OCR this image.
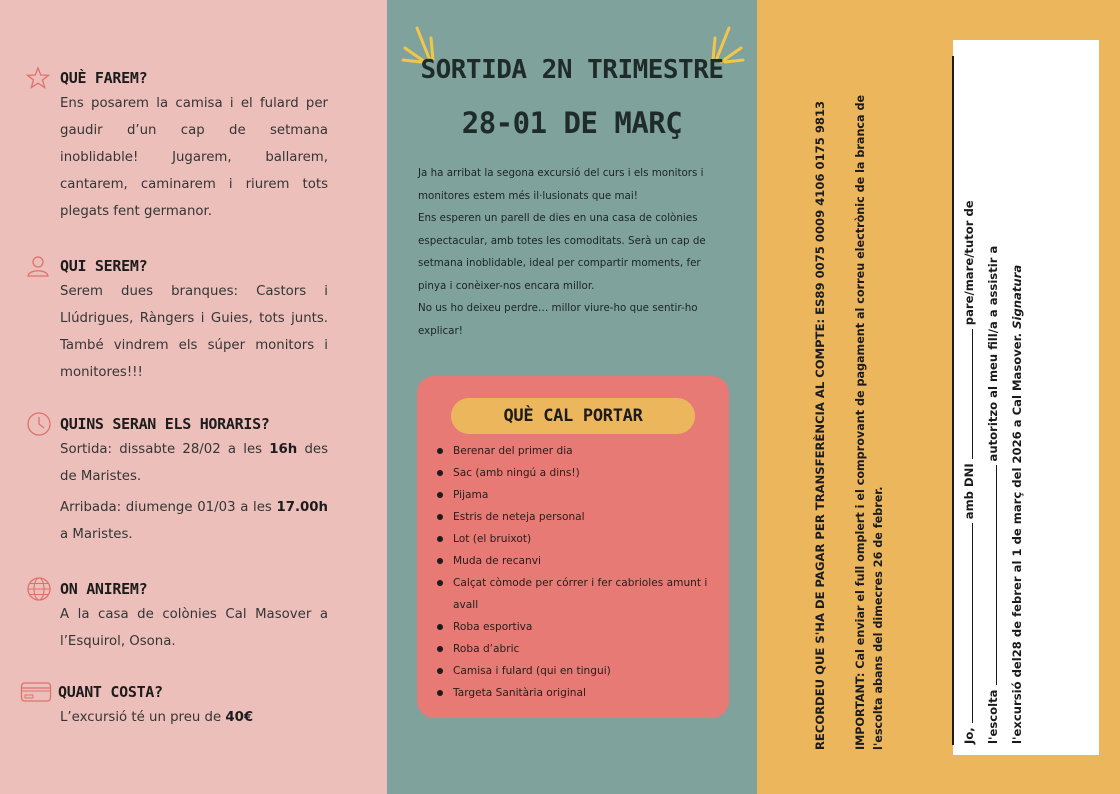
QUÈ FAREM?
Ens posarem la camisa i el fulard per gaudir d’un cap de setmana inoblidable! Jugarem, ballarem, cantarem, caminarem i riurem tots plegats fent germanor.
QUI SEREM?
Serem dues branques: Castors i Llúdrigues, Ràngers i Guies, tots junts. També vindrem els súper monitors i monitores!!!
QUINS SERAN ELS HORARIS?
Sortida: dissabte 28/02 a les 16h des de Maristes.
Arribada: diumenge 01/03 a les 17.00h a Maristes.
ON ANIREM?
A la casa de colònies Cal Masover a l’Esquirol, Osona.
QUANT COSTA?
L’excursió té un preu de 40€
SORTIDA 2N TRIMESTRE
28-01 DE MARÇ

Ja ha arribat la segona excursió del curs i els monitors i monitores estem més il·lusionats que mai!

Ens esperen un parell de dies en una casa de colònies espectacular, amb totes les comoditats. Serà un cap de setmana inoblidable, ideal per compartir moments, fer pinya i conèixer-nos encara millor.

No us ho deixeu perdre… millor viure-ho que sentir-ho explicar!

QUÈ CAL PORTAR
Berenar del primer dia
Sac (amb ningú a dins!)
Pijama
Estris de neteja personal
Lot (el bruixot)
Muda de recanvi
Calçat còmode per córrer i fer cabrioles amunt i avall
Roba esportiva
Roba d’abric
Camisa i fulard (qui en tingui)
Targeta Sanitària original	RECORDEU QUE S'HA DE PAGAR PER TRANSFERÈNCIA AL COMPTE: ES89 0075 0009 4106 0175 9813 IMPORTANT: Cal enviar el full omplert i el comprovant de pagament al correu electrònic de la branca de l'escolta abans del dimecres 26 de febrer.	Jo,  amb DNI  pare/mare/tutor de
l'escolta  autoritzo al meu fill/a a assistir a l'excursió del28 de febrer al 1 de març del 2026 a Cal Masover. Signatura
